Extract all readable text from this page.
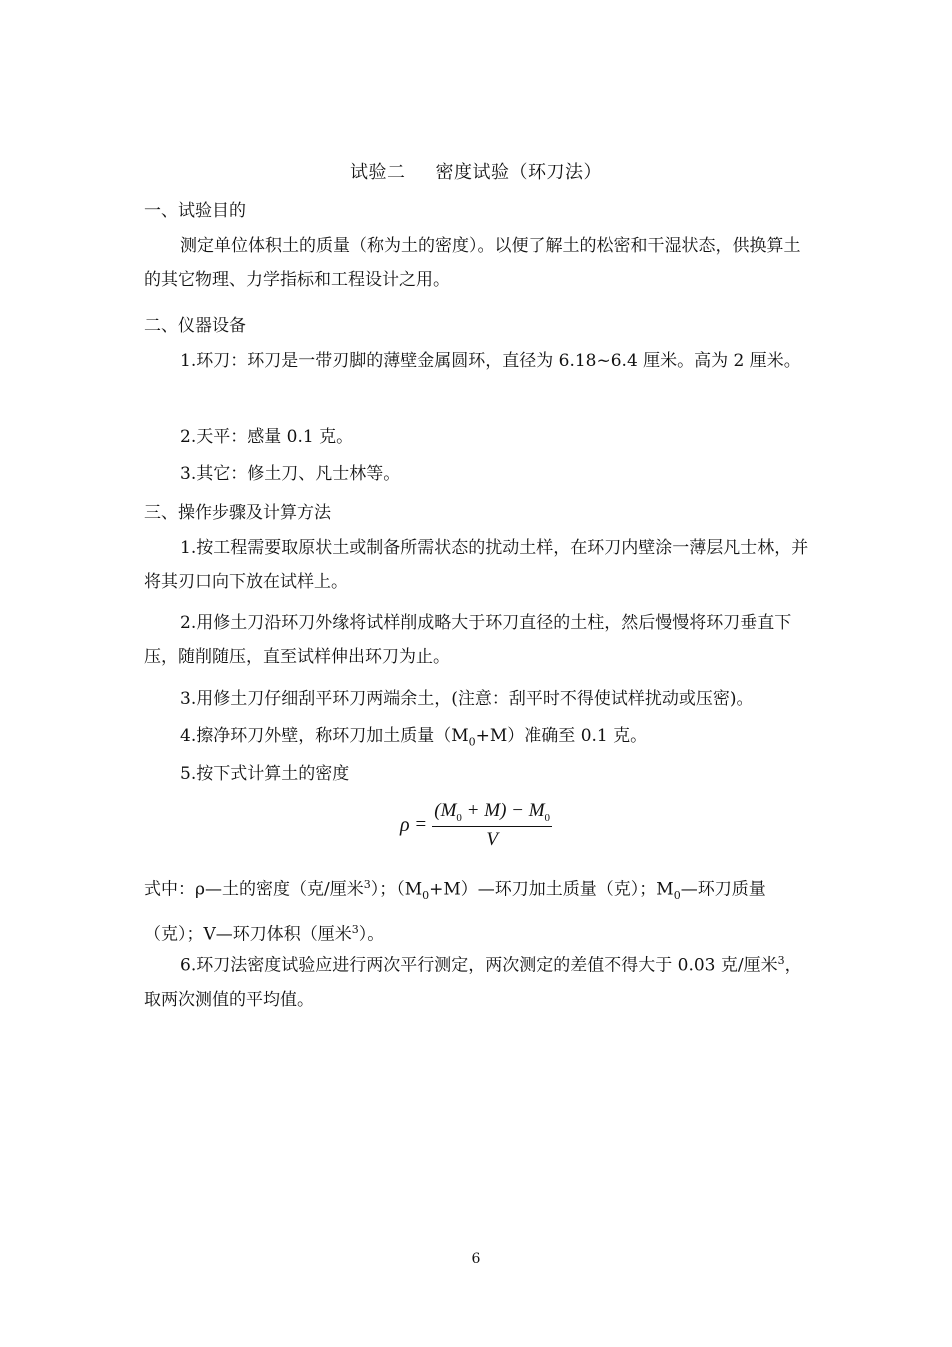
试验二 密度试验（环刀法）
一、试验目的
测定单位体积土的质量（称为土的密度）。以便了解土的松密和干湿状态，供换算土的其它物理、力学指标和工程设计之用。
二、仪器设备
1.环刀：环刀是一带刃脚的薄壁金属圆环，直径为 6.18~6.4 厘米。高为 2 厘米。
2.天平：感量 0.1 克。
3.其它：修土刀、凡士林等。
三、操作步骤及计算方法
1.按工程需要取原状土或制备所需状态的扰动土样，在环刀内壁涂一薄层凡士林，并将其刃口向下放在试样上。
2.用修土刀沿环刀外缘将试样削成略大于环刀直径的土柱，然后慢慢将环刀垂直下压，随削随压，直至试样伸出环刀为止。
3.用修土刀仔细刮平环刀两端余土，(注意：刮平时不得使试样扰动或压密)。
4.擦净环刀外壁，称环刀加土质量$(M_0+M)$准确至 0.1 克。
5.按下式计算土的密度
$\rho = \frac{(M_0 + M) - M_0}{V}$
式中：ρ—土的密度（克/厘米$^3$）；$(M_0+M)—$环刀加土质量（克）；$M_0—$环刀质量（克）；V—环刀体积（厘米$^3$）。
6.环刀法密度试验应进行两次平行测定，两次测定的差值不得大于 0.03 克/厘米$^3$，取两次测值的平均值。
6
